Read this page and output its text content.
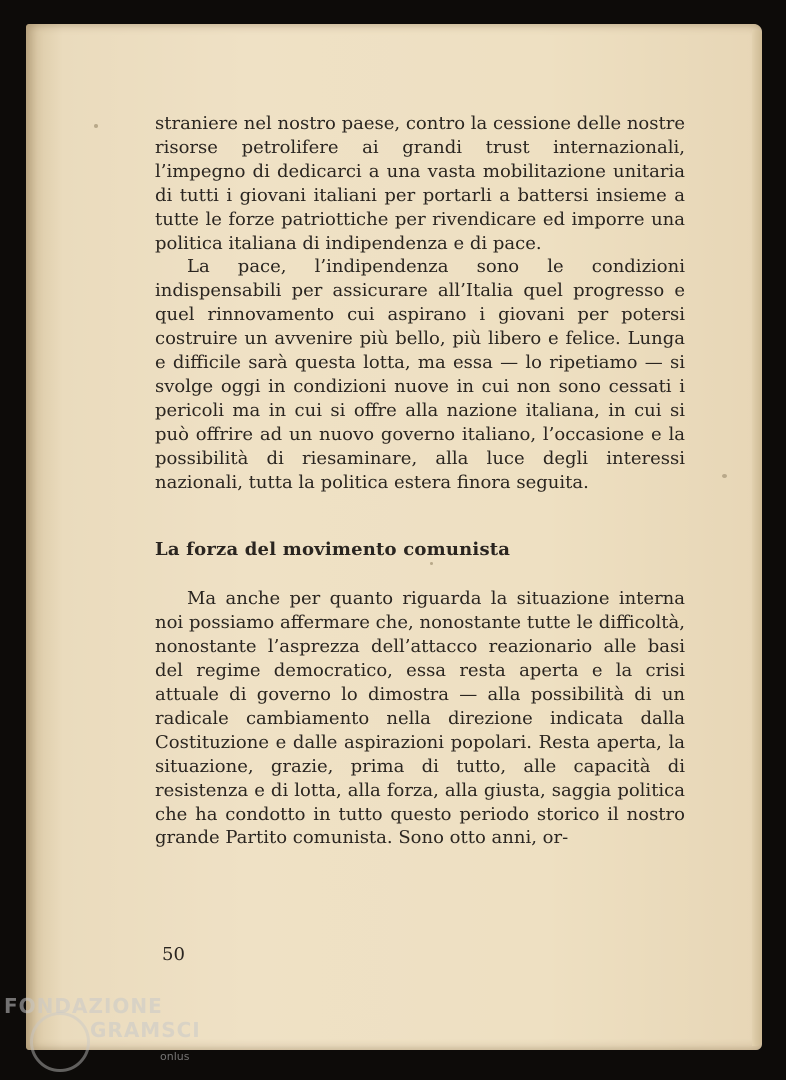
straniere nel nostro paese, contro la cessione delle nostre risorse petrolifere ai grandi trust internazionali, l’impegno di dedicarci a una vasta mobilitazione unitaria di tutti i giovani italiani per portarli a battersi insieme a tutte le forze patriottiche per rivendicare ed imporre una politica italiana di indipendenza e di pace.

La pace, l’indipendenza sono le condizioni indispensabili per assicurare all’Italia quel progresso e quel rinnovamento cui aspirano i giovani per potersi costruire un avvenire più bello, più libero e felice. Lunga e difficile sarà questa lotta, ma essa — lo ripetiamo — si svolge oggi in condizioni nuove in cui non sono cessati i pericoli ma in cui si offre alla nazione italiana, in cui si può offrire ad un nuovo governo italiano, l’occasione e la possibilità di riesaminare, alla luce degli interessi nazionali, tutta la politica estera finora seguita.

La forza del movimento comunista

Ma anche per quanto riguarda la situazione interna noi possiamo affermare che, nonostante tutte le difficoltà, nonostante l’asprezza dell’attacco reazionario alle basi del regime democratico, essa resta aperta e la crisi attuale di governo lo dimostra — alla possibilità di un radicale cambiamento nella direzione indicata dalla Costituzione e dalle aspirazioni popolari. Resta aperta, la situazione, grazie, prima di tutto, alle capacità di resistenza e di lotta, alla forza, alla giusta, saggia politica che ha condotto in tutto questo periodo storico il nostro grande Partito comunista. Sono otto anni, or-

50
FONDAZIONE
GRAMSCI
onlus
